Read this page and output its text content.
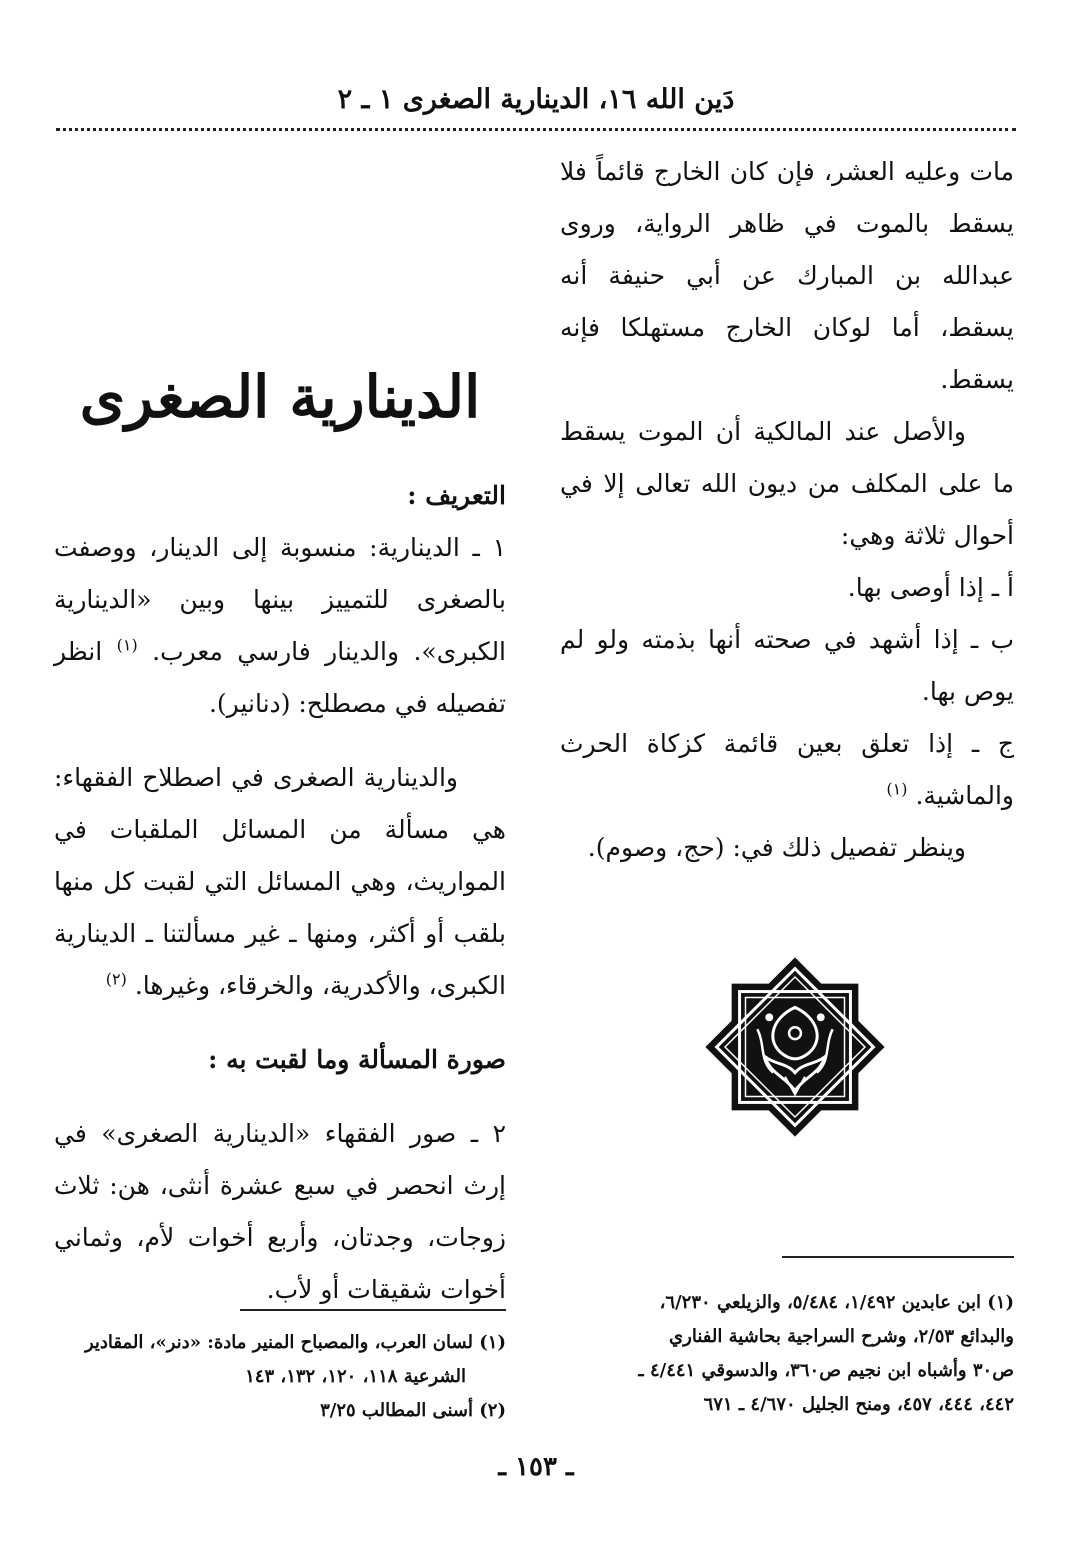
دَين الله ١٦، الدينارية الصغرى ١ ـ ٢

مات وعليه العشر، فإن كان الخارج قائماً فلا يسقط بالموت في ظاهر الرواية، وروى عبدالله بن المبارك عن أبي حنيفة أنه يسقط، أما لوكان الخارج مستهلكا فإنه يسقط.

والأصل عند المالكية أن الموت يسقط ما على المكلف من ديون الله تعالى إلا في أحوال ثلاثة وهي:

أ ـ إذا أوصى بها.

ب ـ إذا أشهد في صحته أنها بذمته ولو لم يوص بها.

ج ـ إذا تعلق بعين قائمة كزكاة الحرث والماشية. $^{(١)}$

وينظر تفصيل ذلك في: (حج، وصوم).

الدينارية الصغرى

التعريف :

١ ـ الدينارية: منسوبة إلى الدينار، ووصفت بالصغرى للتمييز بينها وبين «الدينارية الكبرى». والدينار فارسي معرب. $^{(١)}$ انظر تفصيله في مصطلح: (دنانير).

والدينارية الصغرى في اصطلاح الفقهاء: هي مسألة من المسائل الملقبات في المواريث، وهي المسائل التي لقبت كل منها بلقب أو أكثر، ومنها ـ غير مسألتنا ـ الدينارية الكبرى، والأكدرية، والخرقاء، وغيرها. $^{(٢)}$

صورة المسألة وما لقبت به :

٢ ـ صور الفقهاء «الدينارية الصغرى» في إرث انحصر في سبع عشرة أنثى، هن: ثلاث زوجات، وجدتان، وأربع أخوات لأم، وثماني أخوات شقيقات أو لأب.	(١) ابن عابدين ١/٤٩٢، ٥/٤٨٤، والزيلعي ٦/٢٣٠،

والبدائع ٢/٥٣، وشرح السراجية بحاشية الفناري

ص٣٠ وأشباه ابن نجيم ص٣٦٠، والدسوقي ٤/٤٤١ ـ

٤٤٢، ٤٤٤، ٤٥٧، ومنح الجليل ٤/٦٧٠ ـ ٦٧١

(١) لسان العرب، والمصباح المنير مادة: «دنر»، المقادير

الشرعية ١١٨، ١٢٠، ١٣٢، ١٤٣

(٢) أسنى المطالب ٣/٢٥

ـ ١٥٣ ـ
